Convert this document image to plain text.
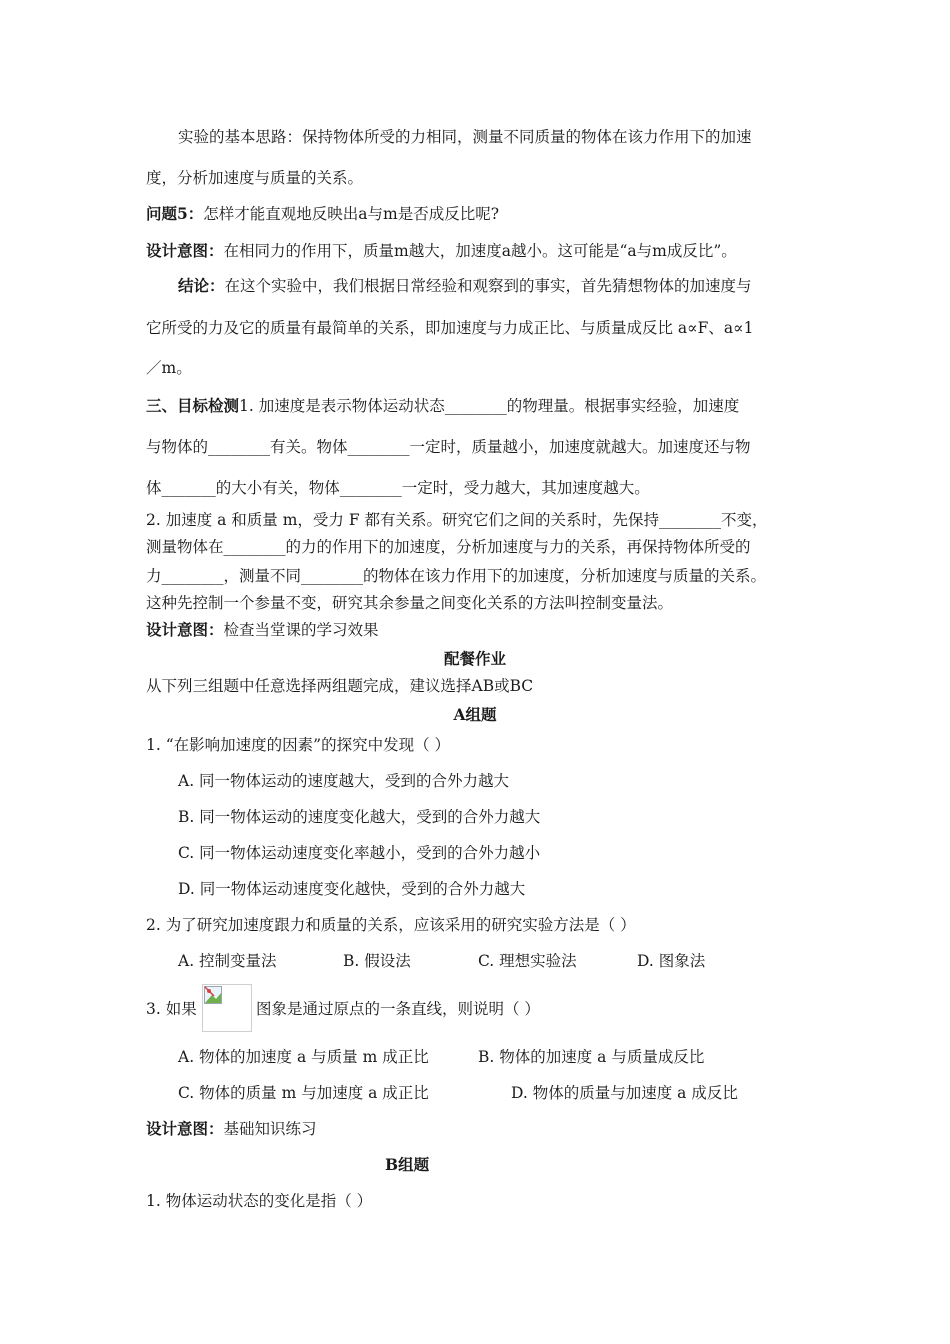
实验的基本思路：保持物体所受的力相同，测量不同质量的物体在该力作用下的加速
度，分析加速度与质量的关系。
问题5：怎样才能直观地反映出a与m是否成反比呢?
设计意图：在相同力的作用下，质量m越大，加速度a越小。这可能是“a与m成反比”。
结论：在这个实验中，我们根据日常经验和观察到的事实，首先猜想物体的加速度与
它所受的力及它的质量有最简单的关系，即加速度与力成正比、与质量成反比 a∝F、a∝1
／m。
三、目标检测1. 加速度是表示物体运动状态________的物理量。根据事实经验，加速度
与物体的________有关。物体________一定时，质量越小，加速度就越大。加速度还与物
体_______的大小有关，物体________一定时，受力越大，其加速度越大。
2. 加速度 a 和质量 m，受力 F 都有关系。研究它们之间的关系时，先保持________不变，
测量物体在________的力的作用下的加速度，分析加速度与力的关系，再保持物体所受的
力________，测量不同________的物体在该力作用下的加速度，分析加速度与质量的关系。
这种先控制一个参量不变，研究其余参量之间变化关系的方法叫控制变量法。
设计意图：检查当堂课的学习效果
配餐作业
从下列三组题中任意选择两组题完成，建议选择AB或BC
A组题
1. “在影响加速度的因素”的探究中发现（ ）
A. 同一物体运动的速度越大，受到的合外力越大
B. 同一物体运动的速度变化越大，受到的合外力越大
C. 同一物体运动速度变化率越小，受到的合外力越小
D. 同一物体运动速度变化越快，受到的合外力越大
2. 为了研究加速度跟力和质量的关系，应该采用的研究实验方法是（ ）
A. 控制变量法	B. 假设法	C. 理想实验法	D. 图象法
3. 如果	图象是通过原点的一条直线，则说明（ ）
A. 物体的加速度 a 与质量 m 成正比	B. 物体的加速度 a 与质量成反比
C. 物体的质量 m 与加速度 a 成正比	D. 物体的质量与加速度 a 成反比
设计意图：基础知识练习
B组题
1. 物体运动状态的变化是指（ ）
